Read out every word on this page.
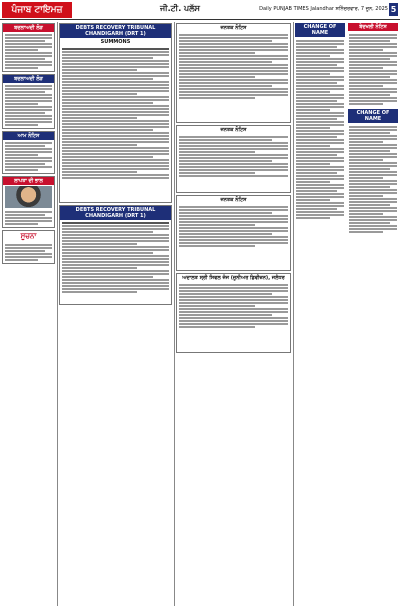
ਪੰਜਾਬ ਟਾਇਮਜ਼	ਜੀ.ਟੀ. ਪਲੱਸ	Daily PUNJAB TIMES Jalandhar ਸ਼ਨਿੱਚਰਵਾਰ, 7 ਜੂਨ, 2025 5
ਬਦਲਾਅਦੀ ਲੋੜ
ਬਦਲਾਅਦੀ ਲੋੜ
ਆਮ ਨੋਟਿਸ
ਲਾਪਤਾ ਦੀ ਭਾਲ
ਸੂਚਨਾ
DEBTS RECOVERY TRIBUNAL CHANDIGARH (DRT 1)
SUMMONS
DEBTS RECOVERY TRIBUNAL CHANDIGARH (DRT 1)
ਜਨਤਕ ਨੋਟਿਸ
ਜਨਤਕ ਨੋਟਿਸ
ਜਨਤਕ ਨੋਟਿਸ
ਅਦਾਲਤ ਸ੍ਰੀ ਸਿਵਲ ਜੱਜ (ਜੂਨੀਅਰ ਡਿਵੀਜ਼ਨ), ਜਲੰਧਰ
CHANGE OF NAME
ਬੇਦਖਲੀ ਨੋਟਿਸ
CHANGE OF NAME
